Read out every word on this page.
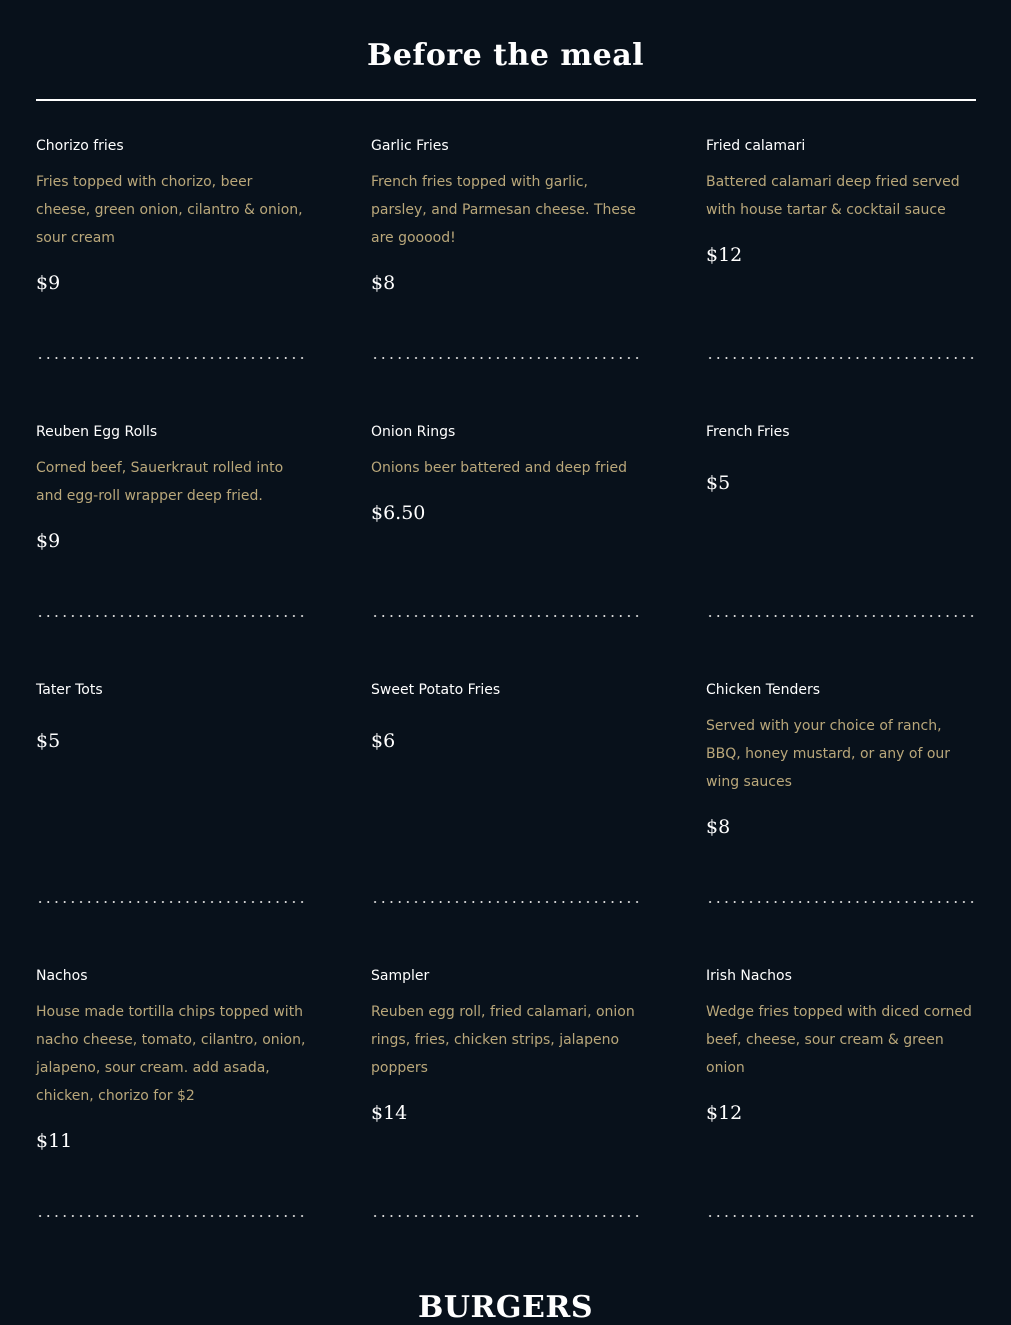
Before the meal
Chorizo fries
Fries topped with chorizo, beer cheese, green onion, cilantro & onion, sour cream
$9
Garlic Fries
French fries topped with garlic, parsley, and Parmesan cheese. These are gooood!
$8
Fried calamari
Battered calamari deep fried served with house tartar & cocktail sauce
$12
Reuben Egg Rolls
Corned beef, Sauerkraut rolled into and egg-roll wrapper deep fried.
$9
Onion Rings
Onions beer battered and deep fried
$6.50
French Fries
$5
Tater Tots
$5
Sweet Potato Fries
$6
Chicken Tenders
Served with your choice of ranch, BBQ, honey mustard, or any of our wing sauces
$8
Nachos
House made tortilla chips topped with nacho cheese, tomato, cilantro, onion, jalapeno, sour cream. add asada, chicken, chorizo for $2
$11
Sampler
Reuben egg roll, fried calamari, onion rings, fries, chicken strips, jalapeno poppers
$14
Irish Nachos
Wedge fries topped with diced corned beef, cheese, sour cream & green onion
$12
BURGERS
